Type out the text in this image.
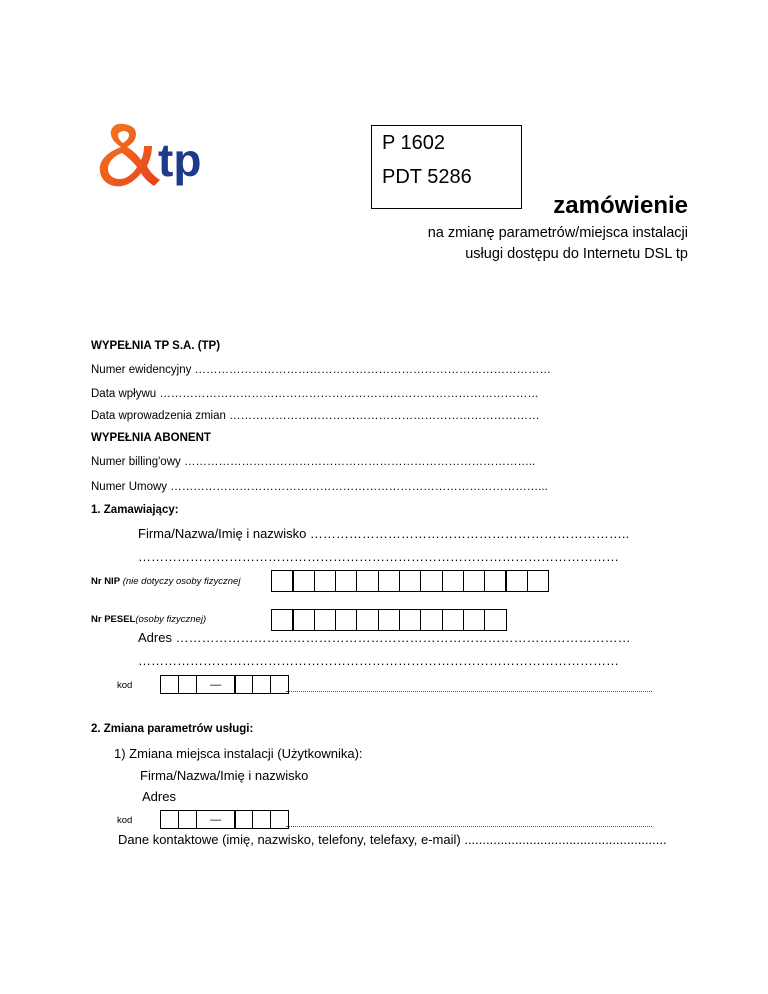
tp	P 1602
PDT 5286
zamówienie
na zmianę parametrów/miejsca instalacji
usługi dostępu do Internetu DSL tp
WYPEŁNIA TP S.A. (TP)
Numer ewidencyjny …………………………………………………………………………………
Data wpływu ………………………………………………………………………………………
Data wprowadzenia zmian ………………………………………………………………………
WYPEŁNIA ABONENT
Numer billing'owy ………………………………………………………………………………..
Numer Umowy ……………………………………………………………………………………...
1. Zamawiający:
Firma/Nazwa/Imię i nazwisko ………………………………………………………………..
…………………………………………………………………………………………………
Nr NIP (nie dotyczy osoby fizycznej
Nr PESEL(osoby fizycznej)
Adres ……………………………………………………………………………………………
…………………………………………………………………………………………………
kod	—
2. Zmiana parametrów usługi:
1) Zmiana miejsca instalacji (Użytkownika):
Firma/Nazwa/Imię i nazwisko
Adres
kod	—
Dane kontaktowe (imię, nazwisko, telefony, telefaxy, e-mail) ........................................................
